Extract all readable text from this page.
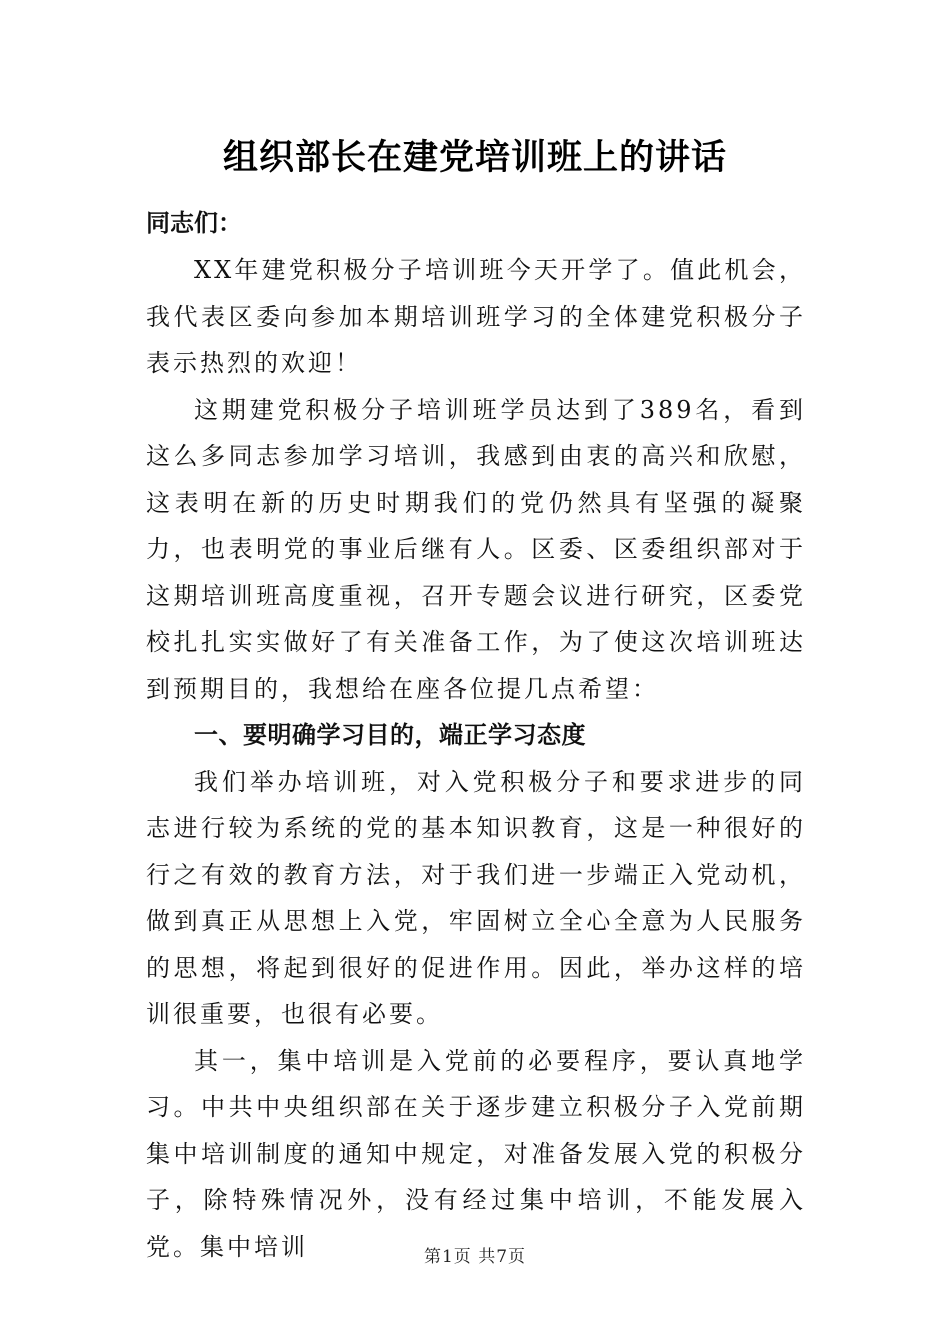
组织部长在建党培训班上的讲话
同志们：

XX年建党积极分子培训班今天开学了。值此机会，我代表区委向参加本期培训班学习的全体建党积极分子表示热烈的欢迎！

这期建党积极分子培训班学员达到了389名，看到这么多同志参加学习培训，我感到由衷的高兴和欣慰，这表明在新的历史时期我们的党仍然具有坚强的凝聚力，也表明党的事业后继有人。区委、区委组织部对于这期培训班高度重视，召开专题会议进行研究，区委党校扎扎实实做好了有关准备工作，为了使这次培训班达到预期目的，我想给在座各位提几点希望：

一、要明确学习目的，端正学习态度

我们举办培训班，对入党积极分子和要求进步的同志进行较为系统的党的基本知识教育，这是一种很好的行之有效的教育方法，对于我们进一步端正入党动机，做到真正从思想上入党，牢固树立全心全意为人民服务的思想，将起到很好的促进作用。因此，举办这样的培训很重要，也很有必要。

其一，集中培训是入党前的必要程序，要认真地学习。中共中央组织部在关于逐步建立积极分子入党前期集中培训制度的通知中规定，对准备发展入党的积极分子，除特殊情况外，没有经过集中培训，不能发展入党。集中培训	第1页 共7页
